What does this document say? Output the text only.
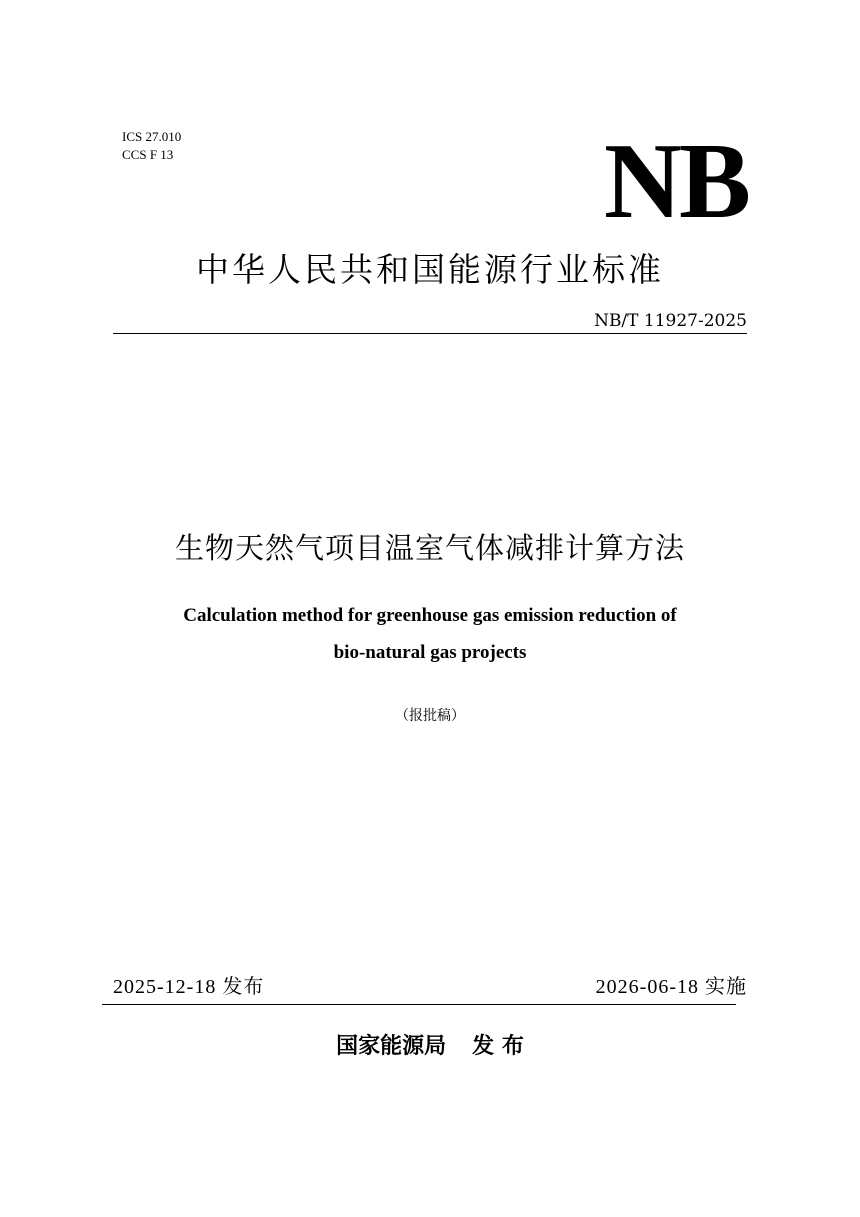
ICS 27.010
CCS F 13	NB
中华人民共和国能源行业标准
NB/T 11927-2025
生物天然气项目温室气体减排计算方法
Calculation method for greenhouse gas emission reduction of
bio-natural gas projects
（报批稿）
2025-12-18 发布	2026-06-18 实施
国家能源局 发 布
